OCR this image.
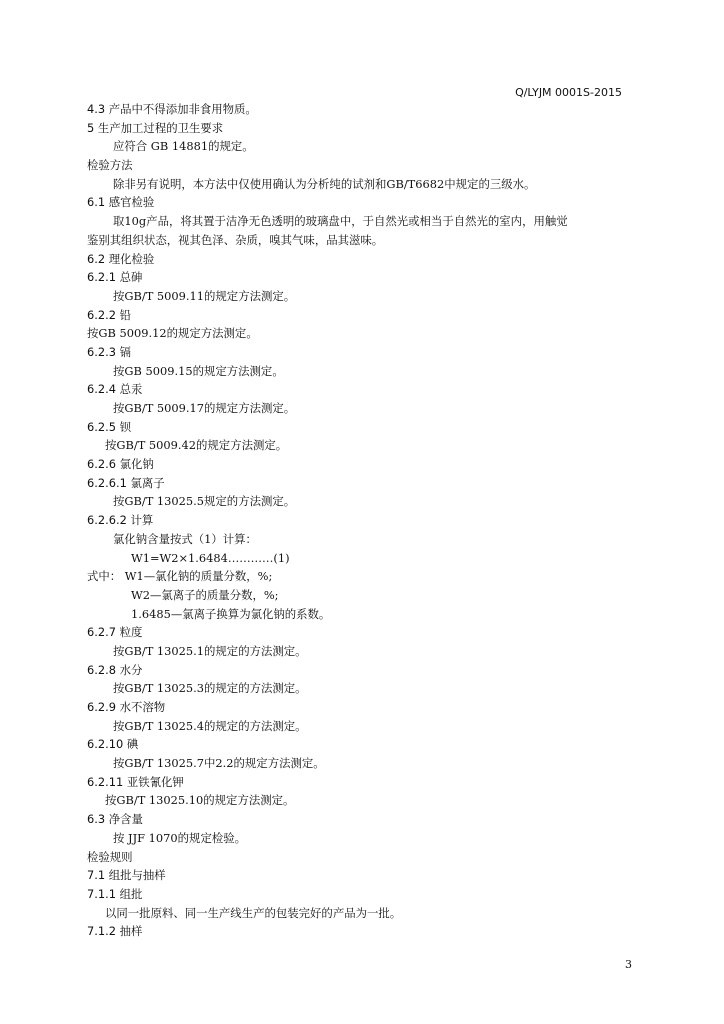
Q/LYJM 0001S-2015
4.3 产品中不得添加非食用物质。
5 生产加工过程的卫生要求
应符合 GB 14881的规定。
检验方法
除非另有说明，本方法中仅使用确认为分析纯的试剂和GB/T6682中规定的三级水。
6.1 感官检验
取10g产品，将其置于洁净无色透明的玻璃盘中，于自然光或相当于自然光的室内，用触觉
鉴别其组织状态，视其色泽、杂质，嗅其气味，品其滋味。
6.2 理化检验
6.2.1 总砷
按GB/T 5009.11的规定方法测定。
6.2.2 铅
按GB 5009.12的规定方法测定。
6.2.3 镉
按GB 5009.15的规定方法测定。
6.2.4 总汞
按GB/T 5009.17的规定方法测定。
6.2.5 钡
按GB/T 5009.42的规定方法测定。
6.2.6 氯化钠
6.2.6.1 氯离子
按GB/T 13025.5规定的方法测定。
6.2.6.2 计算
氯化钠含量按式（1）计算：
W1=W2×1.6484…………(1)
式中： W1—氯化钠的质量分数，%;
W2—氯离子的质量分数，%;
1.6485—氯离子换算为氯化钠的系数。
6.2.7 粒度
按GB/T 13025.1的规定的方法测定。
6.2.8 水分
按GB/T 13025.3的规定的方法测定。
6.2.9 水不溶物
按GB/T 13025.4的规定的方法测定。
6.2.10 碘
按GB/T 13025.7中2.2的规定方法测定。
6.2.11 亚铁氰化钾
按GB/T 13025.10的规定方法测定。
6.3 净含量
按 JJF 1070的规定检验。
检验规则
7.1 组批与抽样
7.1.1 组批
以同一批原料、同一生产线生产的包装完好的产品为一批。
7.1.2 抽样
3
